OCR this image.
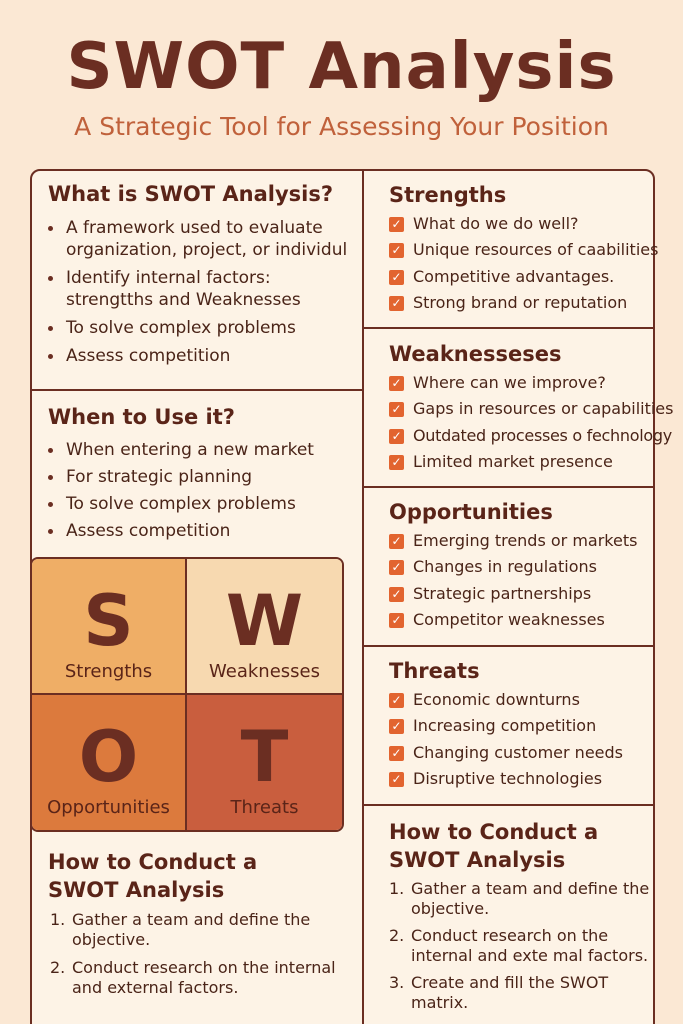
SWOT Analysis
A Strategic Tool for Assessing Your Position
What is SWOT Analysis?
A framework used to evaluate organization, project, or individul
Identify internal factors: strengtths and Weaknesses
To solve complex problems
Assess competition
When to Use it?
When entering a new market
For strategic planning
To solve complex problems
Assess competition
S
Strengths
W
Weaknesses
O
Opportunities
T
Threats
How to Conduct a
SWOT Analysis
1. Gather a team and define the objective.
2. Conduct research on the internal and external factors.
Strengths
✓ What do we do well?
✓ Unique resources of caabilities
✓ Competitive advantages.
✓ Strong brand or reputation
Weaknesseses
✓ Where can we improve?
✓ Gaps in resources or capabilities
✓ Outdated processes o fechnology
✓ Limited market presence
Opportunities
✓ Emerging trends or markets
✓ Changes in regulations
✓ Strategic partnerships
✓ Competitor weaknesses
Threats
✓ Economic downturns
✓ Increasing competition
✓ Changing customer needs
✓ Disruptive technologies
How to Conduct a
SWOT Analysis
1. Gather a team and define the objective.
2. Conduct research on the internal and exte mal factors.
3. Create and fill the SWOT matrix.
